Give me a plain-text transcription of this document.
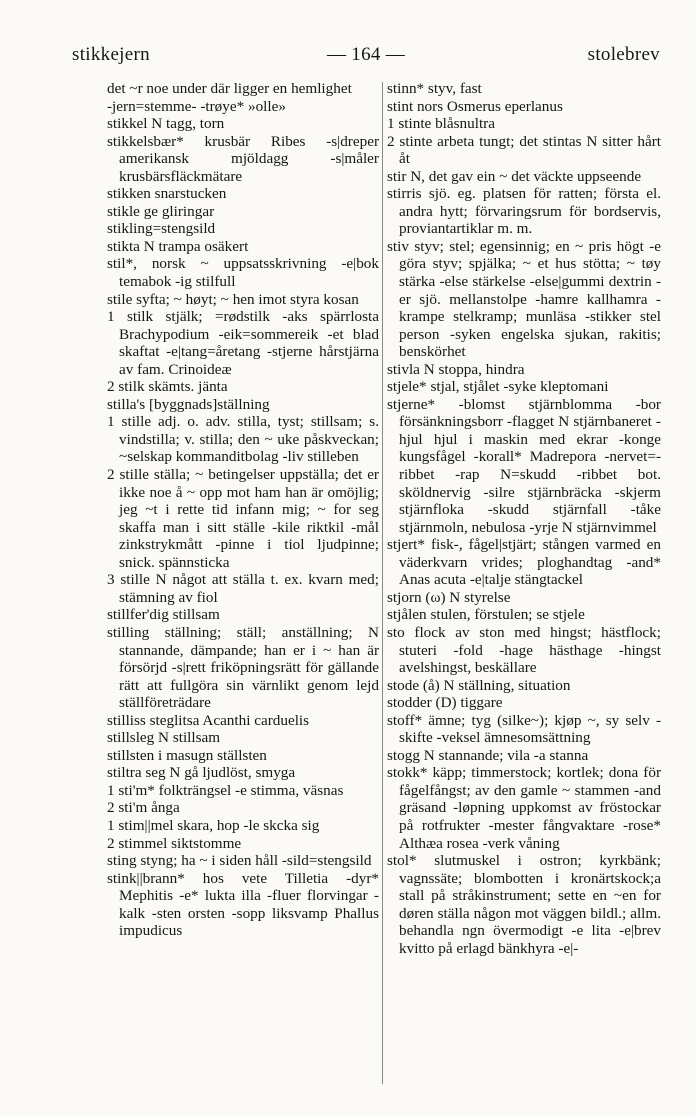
stikkejern	— 164 —	stolebrev

det ~r noe under där ligger en hemlighet

-jern=stemme- -trøye* »olle»

stikkel N tagg, torn

stikkelsbær* krusbär Ribes -s|dreper amerikansk mjöldagg -s|måler krusbärsfläckmätare

stikken snarstucken

stikle ge gliringar

stikling=stengsild

stikta N trampa osäkert

stil*, norsk ~ uppsatsskrivning -e|bok temabok -ig stilfull

stile syfta; ~ høyt; ~ hen imot styra kosan

1 stilk stjälk; =rødstilk -aks spärrlosta Brachypodium -eik=sommereik -et blad skaftat -e|tang=åretang -stjerne hårstjärna av fam. Crinoideæ

2 stilk skämts. jänta

stilla's [byggnads]ställning

1 stille adj. o. adv. stilla, tyst; stillsam; s. vindstilla; v. stilla; den ~ uke påskveckan; ~selskap kommanditbolag -liv stilleben

2 stille ställa; ~ betingelser uppställa; det er ikke noe å ~ opp mot ham han är omöjlig; jeg ~t i rette tid infann mig; ~ for seg skaffa man i sitt ställe -kile riktkil -mål zinkstrykmått -pinne i tiol ljudpinne; snick. spännsticka

3 stille N något att ställa t. ex. kvarn med; stämning av fiol

stillfer'dig stillsam

stilling ställning; ställ; anställning; N stannande, dämpande; han er i ~ han är försörjd -s|rett friköpningsrätt för gällande rätt att fullgöra sin värnlikt genom lejd ställföreträdare

stilliss steglitsa Acanthi carduelis

stillsleg N stillsam

stillsten i masugn ställsten

stiltra seg N gå ljudlöst, smyga

1 sti'm* folkträngsel -e stimma, väsnas

2 sti'm ånga

1 stim||mel skara, hop -le skcka sig

2 stimmel siktstomme

sting styng; ha ~ i siden håll -sild=stengsild

stink||brann* hos vete Tilletia -dyr* Mephitis -e* lukta illa -fluer florvingar -kalk -sten orsten -sopp liksvamp Phallus impudicus

stinn* styv, fast

stint nors Osmerus eperlanus

1 stinte blåsnultra

2 stinte arbeta tungt; det stintas N sitter hårt åt

stir N, det gav ein ~ det väckte uppseende

stirris sjö. eg. platsen för ratten; första el. andra hytt; förvaringsrum för bordservis, proviantartiklar m. m.

stiv styv; stel; egensinnig; en ~ pris högt -e göra styv; spjälka; ~ et hus stötta; ~ tøy stärka -else stärkelse -else|gummi dextrin -er sjö. mellanstolpe -hamre kallhamra -krampe stelkramp; munläsa -stikker stel person -syken engelska sjukan, rakitis; benskörhet

stivla N stoppa, hindra

stjele* stjal, stjålet -syke kleptomani

stjerne* -blomst stjärnblomma -bor försänkningsborr -flagget N stjärnbaneret -hjul hjul i maskin med ekrar -konge kungsfågel -korall* Madrepora -nervet=-ribbet -rap N=skudd -ribbet bot. sköldnervig -silre stjärnbräcka -skjerm stjärnfloka -skudd stjärnfall -tåke stjärnmoln, nebulosa -yrje N stjärnvimmel

stjert* fisk-, fågel|stjärt; stången varmed en väderkvarn vrides; ploghandtag -and* Anas acuta -e|talje stängtackel

stjorn (ω) N styrelse

stjålen stulen, förstulen; se stjele

sto flock av ston med hingst; hästflock; stuteri -fold -hage hästhage -hingst avelshingst, beskällare

stode (å) N ställning, situation

stodder (D) tiggare

stoff* ämne; tyg (silke~); kjøp ~, sy selv -skifte -veksel ämnesomsättning

stogg N stannande; vila -a stanna

stokk* käpp; timmerstock; kortlek; dona för fågelfångst; av den gamle ~ stammen -and gräsand -løpning uppkomst av fröstockar på rotfrukter -mester fångvaktare -rose* Althæa rosea -verk våning

stol* slutmuskel i ostron; kyrkbänk; vagnssäte; blombotten i kronärtskock;a stall på stråkinstrument; sette en ~en for døren ställa någon mot väggen bildl.; allm. behandla ngn övermodigt -e lita -e|brev kvitto på erlagd bänkhyra -e|-
